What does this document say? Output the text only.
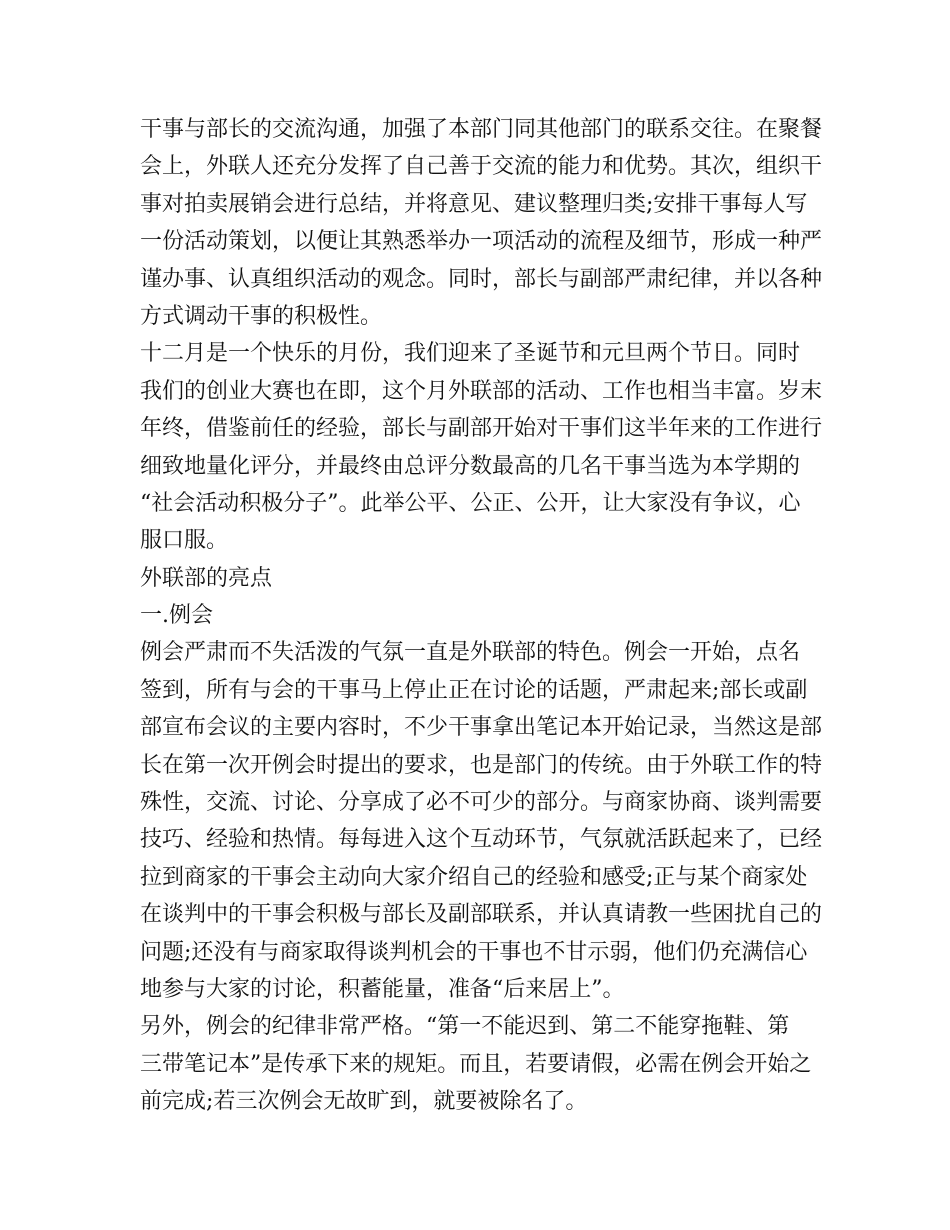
干事与部长的交流沟通，加强了本部门同其他部门的联系交往。在聚餐
会上，外联人还充分发挥了自己善于交流的能力和优势。其次，组织干
事对拍卖展销会进行总结，并将意见、建议整理归类;安排干事每人写
一份活动策划，以便让其熟悉举办一项活动的流程及细节，形成一种严
谨办事、认真组织活动的观念。同时，部长与副部严肃纪律，并以各种
方式调动干事的积极性。
十二月是一个快乐的月份，我们迎来了圣诞节和元旦两个节日。同时
我们的创业大赛也在即，这个月外联部的活动、工作也相当丰富。岁末
年终，借鉴前任的经验，部长与副部开始对干事们这半年来的工作进行
细致地量化评分，并最终由总评分数最高的几名干事当选为本学期的
“社会活动积极分子”。此举公平、公正、公开，让大家没有争议，心
服口服。
外联部的亮点
一.例会
例会严肃而不失活泼的气氛一直是外联部的特色。例会一开始，点名
签到，所有与会的干事马上停止正在讨论的话题，严肃起来;部长或副
部宣布会议的主要内容时，不少干事拿出笔记本开始记录，当然这是部
长在第一次开例会时提出的要求，也是部门的传统。由于外联工作的特
殊性，交流、讨论、分享成了必不可少的部分。与商家协商、谈判需要
技巧、经验和热情。每每进入这个互动环节，气氛就活跃起来了，已经
拉到商家的干事会主动向大家介绍自己的经验和感受;正与某个商家处
在谈判中的干事会积极与部长及副部联系，并认真请教一些困扰自己的
问题;还没有与商家取得谈判机会的干事也不甘示弱，他们仍充满信心
地参与大家的讨论，积蓄能量，准备“后来居上”。
另外，例会的纪律非常严格。“第一不能迟到、第二不能穿拖鞋、第
三带笔记本”是传承下来的规矩。而且，若要请假，必需在例会开始之
前完成;若三次例会无故旷到，就要被除名了。
